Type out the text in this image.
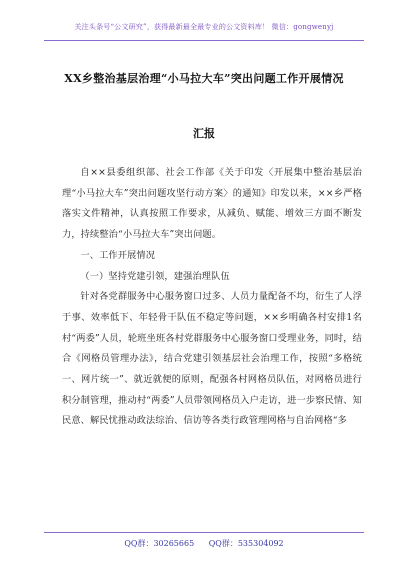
关注头条号“公文研究”，获得最新最全最专业的公文资料库！ 微信：gongwenyj
XX乡整治基层治理“小马拉大车”突出问题工作开展情况
汇报

自××县委组织部、社会工作部《关于印发〈开展集中整治基层治理“小马拉大车”突出问题攻坚行动方案〉的通知》印发以来，××乡严格落实文件精神，认真按照工作要求，从减负、赋能、增效三方面不断发力，持续整治“小马拉大车”突出问题。

一、工作开展情况

（一）坚持党建引领，建强治理队伍

针对各党群服务中心服务窗口过多、人员力量配备不均，衍生了人浮于事、效率低下、年轻骨干队伍不稳定等问题，××乡明确各村安排1名村“两委”人员，轮班坐班各村党群服务中心服务窗口受理业务，同时，结合《网格员管理办法》，结合党建引领基层社会治理工作，按照“多格统一、网片统一”、就近就便的原则，配强各村网格员队伍，对网格员进行积分制管理，推动村“两委”人员带领网格员入户走访，进一步察民情、知民意、解民忧推动政法综治、信访等各类行政管理网格与自治网格“多

QQ群：30265665 QQ群：535304092
